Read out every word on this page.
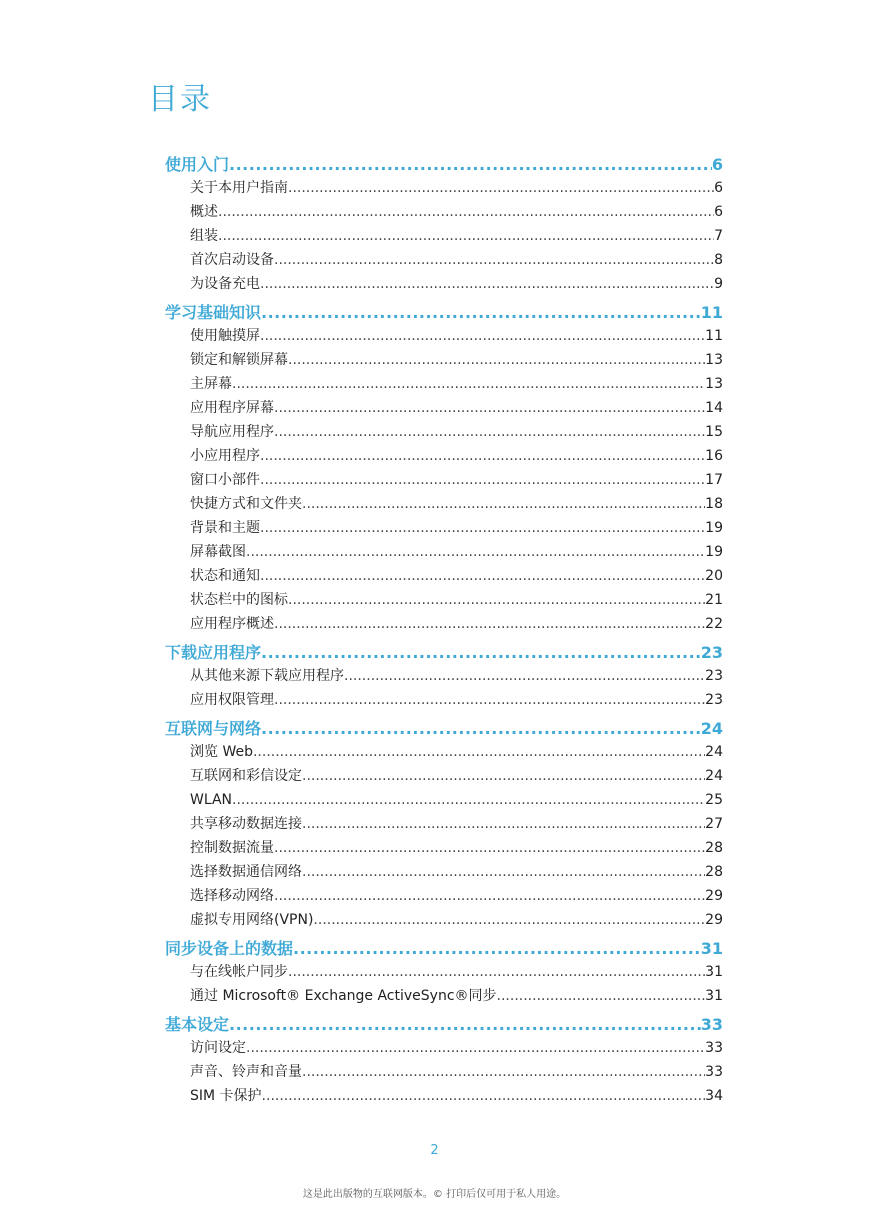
目录
使用入门 .....	6
关于本用户指南 .....	6
概述 .....	6
组装 .....	7
首次启动设备 .....	8
为设备充电 .....	9
学习基础知识 .....	11
使用触摸屏 .....	11
锁定和解锁屏幕 .....	13
主屏幕 .....	13
应用程序屏幕 .....	14
导航应用程序 .....	15
小应用程序 .....	16
窗口小部件 .....	17
快捷方式和文件夹 .....	18
背景和主题 .....	19
屏幕截图 .....	19
状态和通知 .....	20
状态栏中的图标 .....	21
应用程序概述 .....	22
下载应用程序 .....	23
从其他来源下载应用程序 .....	23
应用权限管理 .....	23
互联网与网络 .....	24
浏览 Web .....	24
互联网和彩信设定 .....	24
WLAN .....	25
共享移动数据连接 .....	27
控制数据流量 .....	28
选择数据通信网络 .....	28
选择移动网络 .....	29
虚拟专用网络(VPN) .....	29
同步设备上的数据 .....	31
与在线帐户同步 .....	31
通过 Microsoft® Exchange ActiveSync®同步 .....	31
基本设定 .....	33
访问设定 .....	33
声音、铃声和音量 .....	33
SIM 卡保护 .....	34
2
这是此出版物的互联网版本。© 打印后仅可用于私人用途。
